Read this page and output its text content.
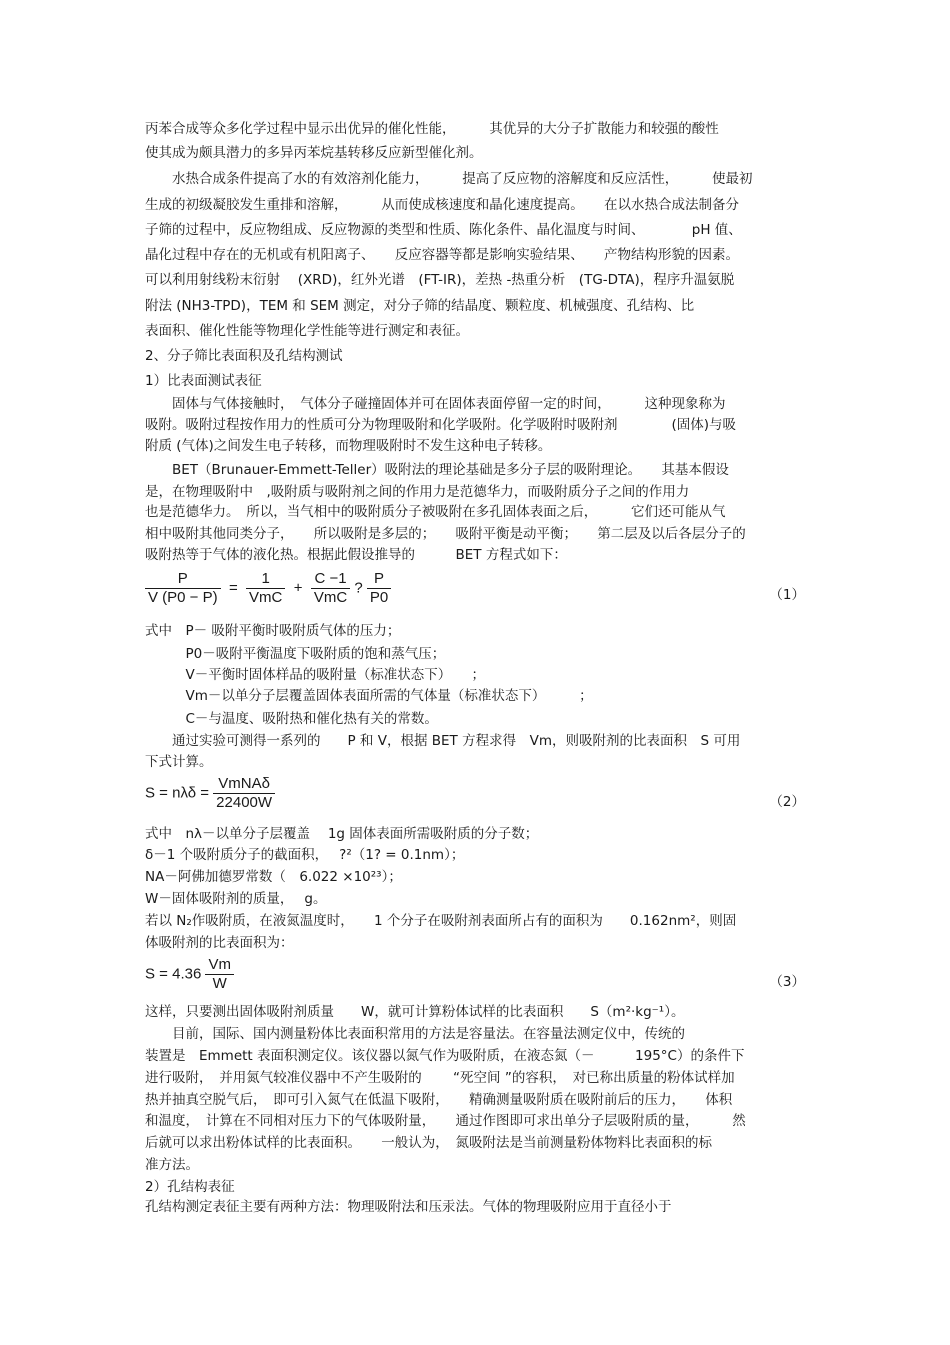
丙苯合成等众多化学过程中显示出优异的催化性能，　　　其优异的大分子扩散能力和较强的酸性
使其成为颇具潜力的多异丙苯烷基转移反应新型催化剂。
　　水热合成条件提高了水的有效溶剂化能力，　　　提高了反应物的溶解度和反应活性，　　　使最初
生成的初级凝胶发生重排和溶解，　　　从而使成核速度和晶化速度提高。　　在以水热合成法制备分
子筛的过程中，反应物组成、反应物源的类型和性质、陈化条件、晶化温度与时间、　　　　pH 值、
晶化过程中存在的无机或有机阳离子、　　反应容器等都是影响实验结果、　　产物结构形貌的因素。
可以利用射线粉末衍射　 (XRD)，红外光谱　(FT-IR)，差热 -热重分析　(TG-DTA)，程序升温氨脱
附法 (NH3-TPD)，TEM 和 SEM 测定，对分子筛的结晶度、颗粒度、机械强度、孔结构、比
表面积、催化性能等物理化学性能等进行测定和表征。
2、分子筛比表面积及孔结构测试
1）比表面测试表征
　　固体与气体接触时，　气体分子碰撞固体并可在固体表面停留一定的时间，　　　这种现象称为
吸附。吸附过程按作用力的性质可分为物理吸附和化学吸附。化学吸附时吸附剂　　　　(固体)与吸
附质 (气体)之间发生电子转移，而物理吸附时不发生这种电子转移。
　　BET（Brunauer-Emmett-Teller）吸附法的理论基础是多分子层的吸附理论。　　其基本假设
是，在物理吸附中　,吸附质与吸附剂之间的作用力是范德华力，而吸附质分子之间的作用力
也是范德华力。　所以，当气相中的吸附质分子被吸附在多孔固体表面之后，　　　它们还可能从气
相中吸附其他同类分子，　　所以吸附是多层的；　　吸附平衡是动平衡；　　第二层及以后各层分子的
吸附热等于气体的液化热。根据此假设推导的　　　BET 方程式如下：
$\frac{P}{V (P0 - P)} = \frac{1}{\text{VmC}} + \frac{C -1}{\text{VmC}}$ ? $\frac{P}{P0}$	（1）
式中　P－ 吸附平衡时吸附质气体的压力；
　　　P0－吸附平衡温度下吸附质的饱和蒸气压；
　　　V－平衡时固体样品的吸附量（标准状态下）　　；
　　　Vm－以单分子层覆盖固体表面所需的气体量（标准状态下）　　　；
　　　C－与温度、吸附热和催化热有关的常数。
　　通过实验可测得一系列的　　P 和 V，根据 BET 方程求得　Vm，则吸附剂的比表面积　S 可用
下式计算。
$S = n\lambda\delta = \frac{\text{VmNAδ}}{22400W}$	（2）
式中　nλ－以单分子层覆盖　 1g 固体表面所需吸附质的分子数；
δ－1 个吸附质分子的截面积，　 ?²（1? = 0.1nm）；
NA－阿佛加德罗常数（　6.022 ×10²³）；
W－固体吸附剂的质量，　 g。
若以 N₂作吸附质，在液氮温度时，　　1 个分子在吸附剂表面所占有的面积为　　0.162nm²，则固
体吸附剂的比表面积为：
$S = 4.36 \frac{Vm}{W}$	（3）
这样，只要测出固体吸附剂质量　　W，就可计算粉体试样的比表面积　　S（m²·kg⁻¹）。
　　目前，国际、国内测量粉体比表面积常用的方法是容量法。在容量法测定仪中，传统的
装置是　Emmett 表面积测定仪。该仪器以氮气作为吸附质，在液态氮（－　　　195°C）的条件下
进行吸附，　并用氮气较准仪器中不产生吸附的　　 “死空间 ”的容积，　对已称出质量的粉体试样加
热并抽真空脱气后，　即可引入氮气在低温下吸附，　　精确测量吸附质在吸附前后的压力，　　体积
和温度，　计算在不同相对压力下的气体吸附量，　　通过作图即可求出单分子层吸附质的量，　　　然
后就可以求出粉体试样的比表面积。　　一般认为，　氮吸附法是当前测量粉体物料比表面积的标
准方法。
2）孔结构表征
孔结构测定表征主要有两种方法：物理吸附法和压汞法。气体的物理吸附应用于直径小于
